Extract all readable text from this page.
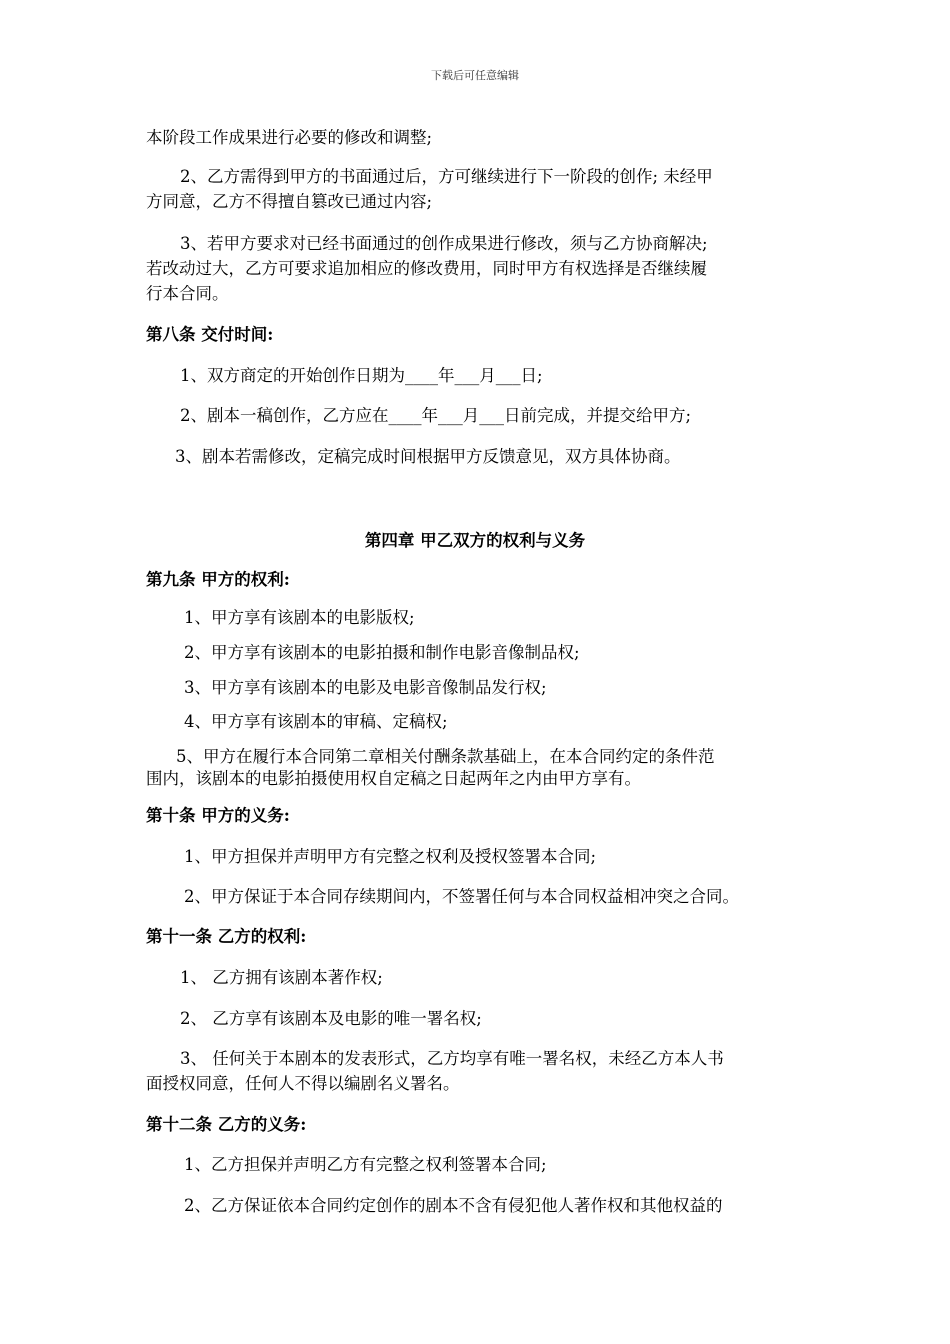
下载后可任意编辑
本阶段工作成果进行必要的修改和调整;
2、乙方需得到甲方的书面通过后，方可继续进行下一阶段的创作; 未经甲
方同意，乙方不得擅自篡改已通过内容;
3、若甲方要求对已经书面通过的创作成果进行修改，须与乙方协商解决;
若改动过大，乙方可要求追加相应的修改费用，同时甲方有权选择是否继续履
行本合同。
第八条 交付时间:
1、双方商定的开始创作日期为____年___月___日;
2、剧本一稿创作，乙方应在____年___月___日前完成，并提交给甲方;
3、剧本若需修改，定稿完成时间根据甲方反馈意见，双方具体协商。
第四章 甲乙双方的权利与义务
第九条 甲方的权利:
1、甲方享有该剧本的电影版权;
2、甲方享有该剧本的电影拍摄和制作电影音像制品权;
3、甲方享有该剧本的电影及电影音像制品发行权;
4、甲方享有该剧本的审稿、定稿权;
5、甲方在履行本合同第二章相关付酬条款基础上，在本合同约定的条件范
围内，该剧本的电影拍摄使用权自定稿之日起两年之内由甲方享有。
第十条 甲方的义务:
1、甲方担保并声明甲方有完整之权利及授权签署本合同;
2、甲方保证于本合同存续期间内，不签署任何与本合同权益相冲突之合同。
第十一条 乙方的权利:
1、 乙方拥有该剧本著作权;
2、 乙方享有该剧本及电影的唯一署名权;
3、 任何关于本剧本的发表形式，乙方均享有唯一署名权，未经乙方本人书
面授权同意，任何人不得以编剧名义署名。
第十二条 乙方的义务:
1、乙方担保并声明乙方有完整之权利签署本合同;
2、乙方保证依本合同约定创作的剧本不含有侵犯他人著作权和其他权益的
